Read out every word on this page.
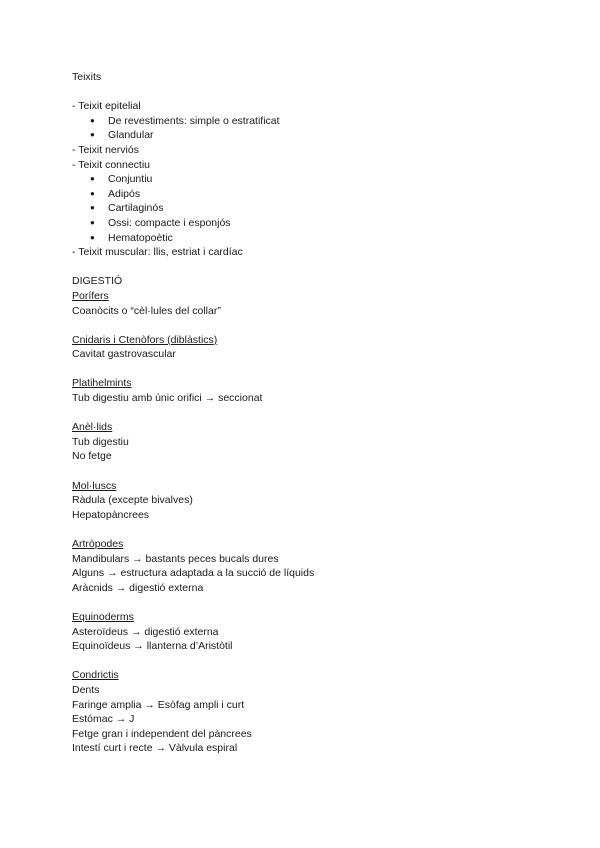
Teixits
- Teixit epitelial
● De revestiments: simple o estratificat
● Glandular
- Teixit nerviós
- Teixit connectiu
● Conjuntiu
● Adipós
● Cartilaginós
● Ossi: compacte i esponjós
● Hematopoètic
- Teixit muscular: llis, estriat i cardíac
DIGESTIÓ
Porífers
Coanòcits o “cèl·lules del collar”
Cnidaris i Ctenòfors (diblàstics)
Cavitat gastrovascular
Platihelmints
Tub digestiu amb únic orifici → seccionat
Anèl·lids
Tub digestiu
No fetge
Mol·luscs
Ràdula (excepte bivalves)
Hepatopàncrees
Artròpodes
Mandibulars → bastants peces bucals dures
Alguns → estructura adaptada a la succió de líquids
Aràcnids → digestió externa
Equinoderms
Asteroïdeus → digestió externa
Equinoïdeus → llanterna d’Aristòtil
Condrictis
Dents
Faringe amplia → Esòfag ampli i curt
Estómac → J
Fetge gran i independent del pàncrees
Intestí curt i recte → Vàlvula espiral
